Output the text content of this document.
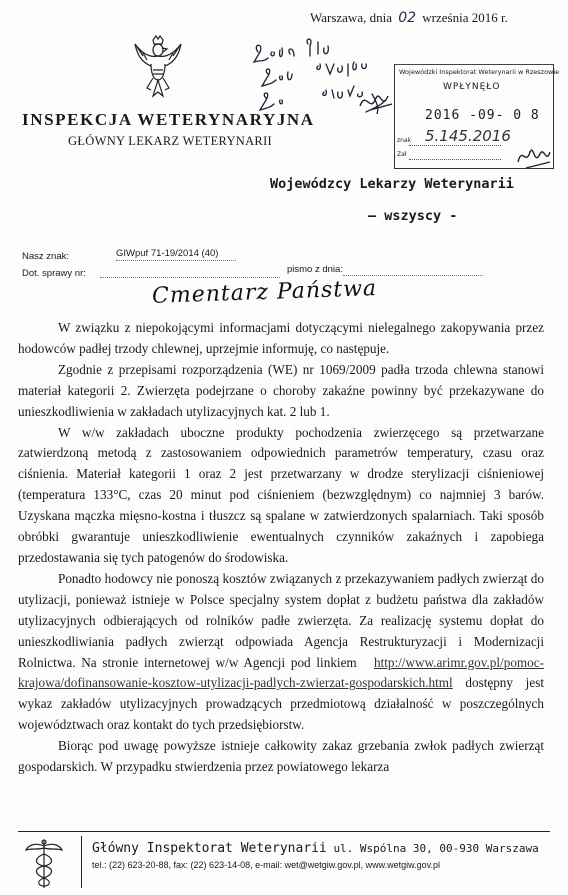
Warszawa, dnia 02 września 2016 r.
INSPEKCJA WETERYNARYJNA
GŁÓWNY LEKARZ WETERYNARII
Wojewódzki Inspektorat Weterynarii w Rzeszowie
WPŁYNĘŁO
2016 -09- 0 8
znak 5.145.2016
Zał
Wojewódzcy Lekarzy Weterynarii
– wszyscy -
Nasz znak:	GIWpuf 71-19/2014 (40)
Dot. sprawy nr:	pismo z dnia:
Cmentarz Państwa

W związku z niepokojącymi informacjami dotyczącymi nielegalnego zakopywania przez hodowców padłej trzody chlewnej, uprzejmie informuję, co następuje.

Zgodnie z przepisami rozporządzenia (WE) nr 1069/2009 padła trzoda chlewna stanowi materiał kategorii 2. Zwierzęta podejrzane o choroby zakaźne powinny być przekazywane do unieszkodliwienia w zakładach utylizacyjnych kat. 2 lub 1.

W w/w zakładach uboczne produkty pochodzenia zwierzęcego są przetwarzane zatwierdzoną metodą z zastosowaniem odpowiednich parametrów temperatury, czasu oraz ciśnienia. Materiał kategorii 1 oraz 2 jest przetwarzany w drodze sterylizacji ciśnieniowej (temperatura 133°C, czas 20 minut pod ciśnieniem (bezwzględnym) co najmniej 3 barów. Uzyskana mączka mięsno-kostna i tłuszcz są spalane w zatwierdzonych spalarniach. Taki sposób obróbki gwarantuje unieszkodliwienie ewentualnych czynników zakaźnych i zapobiega przedostawania się tych patogenów do środowiska.

Ponadto hodowcy nie ponoszą kosztów związanych z przekazywaniem padłych zwierząt do utylizacji, ponieważ istnieje w Polsce specjalny system dopłat z budżetu państwa dla zakładów utylizacyjnych odbierających od rolników padłe zwierzęta. Za realizację systemu dopłat do unieszkodliwiania padłych zwierząt odpowiada Agencja Restrukturyzacji i Modernizacji Rolnictwa. Na stronie internetowej w/w Agencji pod linkiem http://www.arimr.gov.pl/pomoc-krajowa/dofinansowanie-kosztow-utylizacji-padlych-zwierzat-gospodarskich.html dostępny jest wykaz zakładów utylizacyjnych prowadzących przedmiotową działalność w poszczególnych województwach oraz kontakt do tych przedsiębiorstw.

Biorąc pod uwagę powyższe istnieje całkowity zakaz grzebania zwłok padłych zwierząt gospodarskich. W przypadku stwierdzenia przez powiatowego lekarza

Główny Inspektorat Weterynarii ul. Wspólna 30, 00-930 Warszawa
tel.: (22) 623-20-88, fax: (22) 623-14-08, e-mail: wet@wetgiw.gov.pl, www.wetgiw.gov.pl
